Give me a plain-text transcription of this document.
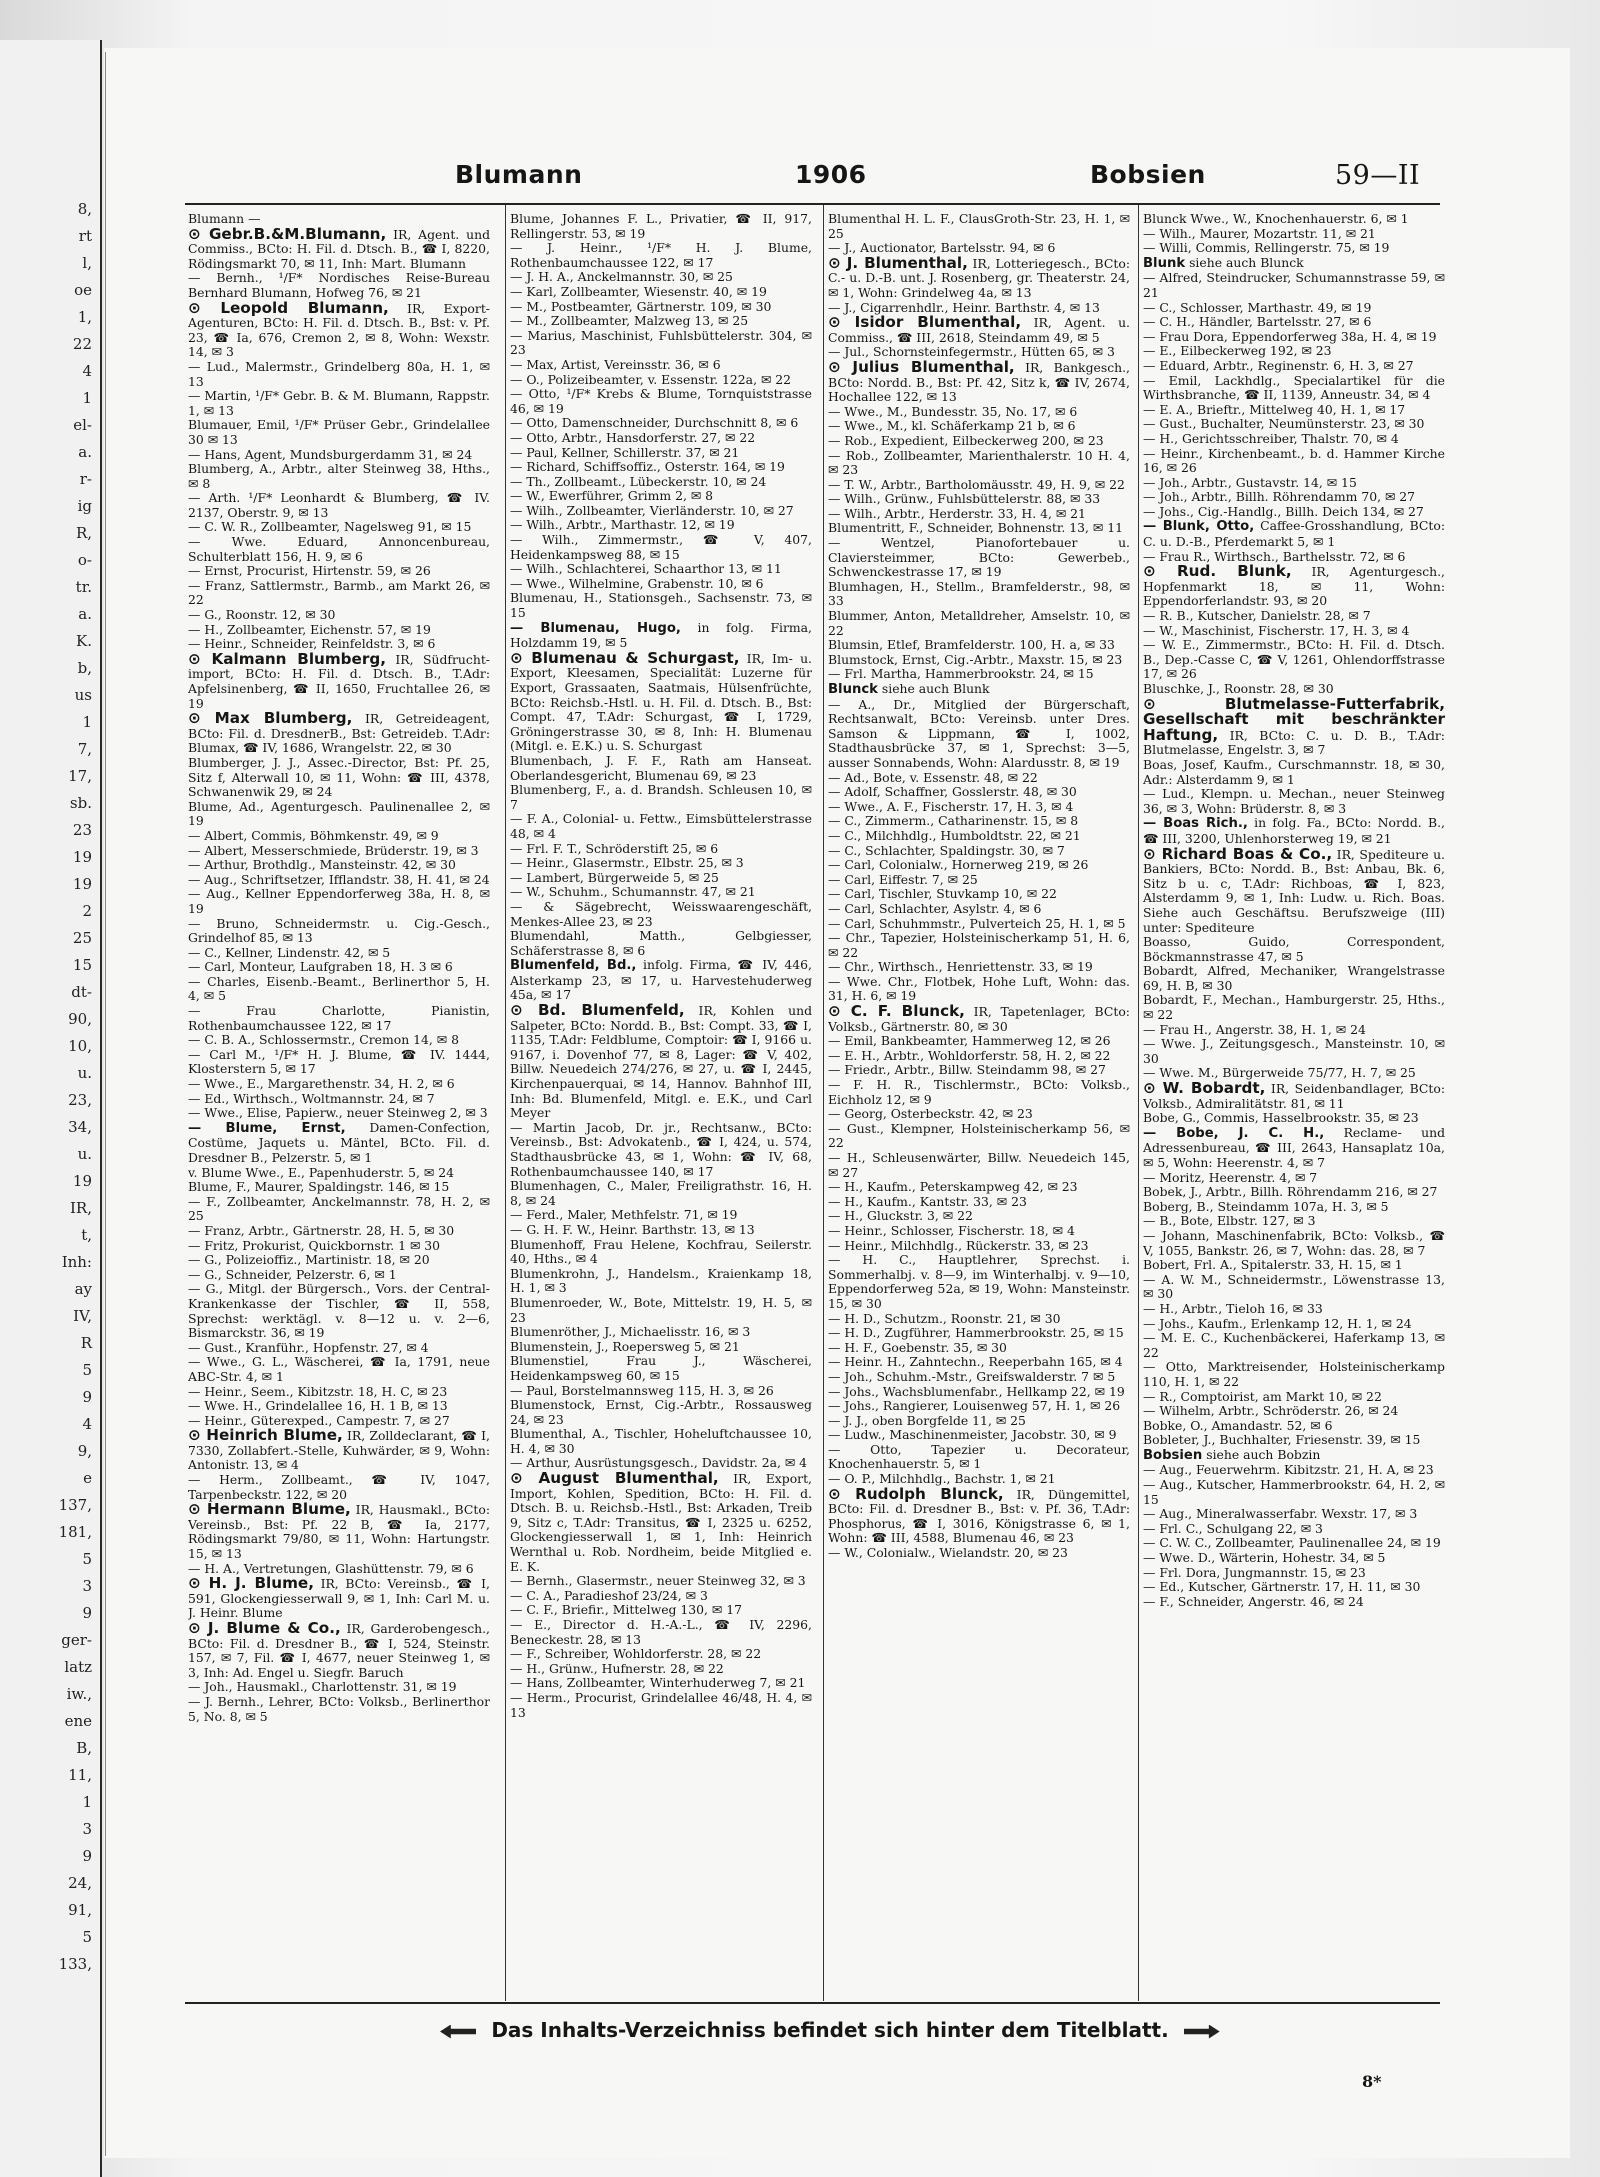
8,
rt
l,
oe
1,
22
4
1
el-
a.
r-
ig
R,
o-
tr.
a.
K.
b,
us
1
7,
17,
sb.
23
19
19
2
25
15
dt-
90,
10,
u.
23,
34,
u.
19
IR,
t,
Inh:
ay
IV,
R
5
9
4
9,
e
137,
181,
5
3
9
ger-
latz
iw.,
ene
B,
11,
1
3
9
24,
91,
5
133,
Blumann	1906	Bobsien	59—II

Blumann —

⊙ Gebr.B.&M.Blumann, IR, Agent. und Commiss., BCto: H. Fil. d. Dtsch. B., ☎ I, 8220, Rödingsmarkt 70, ✉ 11, Inh: Mart. Blumann

— Bernh., ¹/F* Nordisches Reise-Bureau Bernhard Blumann, Hofweg 76, ✉ 21

⊙ Leopold Blumann, IR, Export-Agenturen, BCto: H. Fil. d. Dtsch. B., Bst: v. Pf. 23, ☎ Ia, 676, Cremon 2, ✉ 8, Wohn: Wexstr. 14, ✉ 3

— Lud., Malermstr., Grindelberg 80a, H. 1, ✉ 13

— Martin, ¹/F* Gebr. B. & M. Blumann, Rappstr. 1, ✉ 13

Blumauer, Emil, ¹/F* Prüser Gebr., Grindelallee 30 ✉ 13

— Hans, Agent, Mundsburgerdamm 31, ✉ 24

Blumberg, A., Arbtr., alter Steinweg 38, Hths., ✉ 8

— Arth. ¹/F* Leonhardt & Blumberg, ☎ IV. 2137, Oberstr. 9, ✉ 13

— C. W. R., Zollbeamter, Nagelsweg 91, ✉ 15

— Wwe. Eduard, Annoncenbureau, Schulterblatt 156, H. 9, ✉ 6

— Ernst, Procurist, Hirtenstr. 59, ✉ 26

— Franz, Sattlermstr., Barmb., am Markt 26, ✉ 22

— G., Roonstr. 12, ✉ 30

— H., Zollbeamter, Eichenstr. 57, ✉ 19

— Heinr., Schneider, Reinfeldstr. 3, ✉ 6

⊙ Kalmann Blumberg, IR, Südfrucht-import, BCto: H. Fil. d. Dtsch. B., T.Adr: Apfelsinenberg, ☎ II, 1650, Fruchtallee 26, ✉ 19

⊙ Max Blumberg, IR, Getreideagent, BCto: Fil. d. DresdnerB., Bst: Getreideb. T.Adr: Blumax, ☎ IV, 1686, Wrangelstr. 22, ✉ 30

Blumberger, J. J., Assec.-Director, Bst: Pf. 25, Sitz f, Alterwall 10, ✉ 11, Wohn: ☎ III, 4378, Schwanenwik 29, ✉ 24

Blume, Ad., Agenturgesch. Paulinenallee 2, ✉ 19

— Albert, Commis, Böhmkenstr. 49, ✉ 9

— Albert, Messerschmiede, Brüderstr. 19, ✉ 3

— Arthur, Brothdlg., Mansteinstr. 42, ✉ 30

— Aug., Schriftsetzer, Ifflandstr. 38, H. 41, ✉ 24

— Aug., Kellner Eppendorferweg 38a, H. 8, ✉ 19

— Bruno, Schneidermstr. u. Cig.-Gesch., Grindelhof 85, ✉ 13

— C., Kellner, Lindenstr. 42, ✉ 5

— Carl, Monteur, Laufgraben 18, H. 3 ✉ 6

— Charles, Eisenb.-Beamt., Berlinerthor 5, H. 4, ✉ 5

— Frau Charlotte, Pianistin, Rothenbaumchaussee 122, ✉ 17

— C. B. A., Schlossermstr., Cremon 14, ✉ 8

— Carl M., ¹/F* H. J. Blume, ☎ IV. 1444, Klosterstern 5, ✉ 17

— Wwe., E., Margarethenstr. 34, H. 2, ✉ 6

— Ed., Wirthsch., Woltmannstr. 24, ✉ 7

— Wwe., Elise, Papierw., neuer Steinweg 2, ✉ 3

— Blume, Ernst, Damen-Confection, Costüme, Jaquets u. Mäntel, BCto. Fil. d. Dresdner B., Pelzerstr. 5, ✉ 1

v. Blume Wwe., E., Papenhuderstr. 5, ✉ 24

Blume, F., Maurer, Spaldingstr. 146, ✉ 15

— F., Zollbeamter, Anckelmannstr. 78, H. 2, ✉ 25

— Franz, Arbtr., Gärtnerstr. 28, H. 5, ✉ 30

— Fritz, Prokurist, Quickbornstr. 1 ✉ 30

— G., Polizeioffiz., Martinistr. 18, ✉ 20

— G., Schneider, Pelzerstr. 6, ✉ 1

— G., Mitgl. der Bürgersch., Vors. der Central-Krankenkasse der Tischler, ☎ II, 558, Sprechst: werktägl. v. 8—12 u. v. 2—6, Bismarckstr. 36, ✉ 19

— Gust., Kranführ., Hopfenstr. 27, ✉ 4

— Wwe., G. L., Wäscherei, ☎ Ia, 1791, neue ABC-Str. 4, ✉ 1

— Heinr., Seem., Kibitzstr. 18, H. C, ✉ 23

— Wwe. H., Grindelallee 16, H. 1 B, ✉ 13

— Heinr., Güterexped., Campestr. 7, ✉ 27

⊙ Heinrich Blume, IR, Zolldeclarant, ☎ I, 7330, Zollabfert.-Stelle, Kuhwärder, ✉ 9, Wohn: Antonistr. 13, ✉ 4

— Herm., Zollbeamt., ☎ IV, 1047, Tarpenbeckstr. 122, ✉ 20

⊙ Hermann Blume, IR, Hausmakl., BCto: Vereinsb., Bst: Pf. 22 B, ☎ Ia, 2177, Rödingsmarkt 79/80, ✉ 11, Wohn: Hartungstr. 15, ✉ 13

— H. A., Vertretungen, Glashüttenstr. 79, ✉ 6

⊙ H. J. Blume, IR, BCto: Vereinsb., ☎ I, 591, Glockengiesserwall 9, ✉ 1, Inh: Carl M. u. J. Heinr. Blume

⊙ J. Blume & Co., IR, Garderobengesch., BCto: Fil. d. Dresdner B., ☎ I, 524, Steinstr. 157, ✉ 7, Fil. ☎ I, 4677, neuer Steinweg 1, ✉ 3, Inh: Ad. Engel u. Siegfr. Baruch

— Joh., Hausmakl., Charlottenstr. 31, ✉ 19

— J. Bernh., Lehrer, BCto: Volksb., Berlinerthor 5, No. 8, ✉ 5

Blume, Johannes F. L., Privatier, ☎ II, 917, Rellingerstr. 53, ✉ 19

— J. Heinr., ¹/F* H. J. Blume, Rothenbaumchaussee 122, ✉ 17

— J. H. A., Anckelmannstr. 30, ✉ 25

— Karl, Zollbeamter, Wiesenstr. 40, ✉ 19

— M., Postbeamter, Gärtnerstr. 109, ✉ 30

— M., Zollbeamter, Malzweg 13, ✉ 25

— Marius, Maschinist, Fuhlsbüttelerstr. 304, ✉ 23

— Max, Artist, Vereinsstr. 36, ✉ 6

— O., Polizeibeamter, v. Essenstr. 122a, ✉ 22

— Otto, ¹/F* Krebs & Blume, Tornquiststrasse 46, ✉ 19

— Otto, Damenschneider, Durchschnitt 8, ✉ 6

— Otto, Arbtr., Hansdorferstr. 27, ✉ 22

— Paul, Kellner, Schillerstr. 37, ✉ 21

— Richard, Schiffsoffiz., Osterstr. 164, ✉ 19

— Th., Zollbeamt., Lübeckerstr. 10, ✉ 24

— W., Ewerführer, Grimm 2, ✉ 8

— Wilh., Zollbeamter, Vierländerstr. 10, ✉ 27

— Wilh., Arbtr., Marthastr. 12, ✉ 19

— Wilh., Zimmermstr., ☎ V, 407, Heidenkampsweg 88, ✉ 15

— Wilh., Schlachterei, Schaarthor 13, ✉ 11

— Wwe., Wilhelmine, Grabenstr. 10, ✉ 6

Blumenau, H., Stationsgeh., Sachsenstr. 73, ✉ 15

— Blumenau, Hugo, in folg. Firma, Holzdamm 19, ✉ 5

⊙ Blumenau & Schurgast, IR, Im- u. Export, Kleesamen, Specialität: Luzerne für Export, Grassaaten, Saatmais, Hülsenfrüchte, BCto: Reichsb.-Hstl. u. H. Fil. d. Dtsch. B., Bst: Compt. 47, T.Adr: Schurgast, ☎ I, 1729, Gröningerstrasse 30, ✉ 8, Inh: H. Blumenau (Mitgl. e. E.K.) u. S. Schurgast

Blumenbach, J. F. F., Rath am Hanseat. Oberlandesgericht, Blumenau 69, ✉ 23

Blumenberg, F., a. d. Brandsh. Schleusen 10, ✉ 7

— F. A., Colonial- u. Fettw., Eimsbüttelerstrasse 48, ✉ 4

— Frl. F. T., Schröderstift 25, ✉ 6

— Heinr., Glasermstr., Elbstr. 25, ✉ 3

— Lambert, Bürgerweide 5, ✉ 25

— W., Schuhm., Schumannstr. 47, ✉ 21

— & Sägebrecht, Weisswaarengeschäft, Menkes-Allee 23, ✉ 23

Blumendahl, Matth., Gelbgiesser, Schäferstrasse 8, ✉ 6

Blumenfeld, Bd., infolg. Firma, ☎ IV, 446, Alsterkamp 23, ✉ 17, u. Harvestehuderweg 45a, ✉ 17

⊙ Bd. Blumenfeld, IR, Kohlen und Salpeter, BCto: Nordd. B., Bst: Compt. 33, ☎ I, 1135, T.Adr: Feldblume, Comptoir: ☎ I, 9166 u. 9167, i. Dovenhof 77, ✉ 8, Lager: ☎ V, 402, Billw. Neuedeich 274/276, ✉ 27, u. ☎ I, 2445, Kirchenpauerquai, ✉ 14, Hannov. Bahnhof III, Inh: Bd. Blumenfeld, Mitgl. e. E.K., und Carl Meyer

— Martin Jacob, Dr. jr., Rechtsanw., BCto: Vereinsb., Bst: Advokatenb., ☎ I, 424, u. 574, Stadthausbrücke 43, ✉ 1, Wohn: ☎ IV, 68, Rothenbaumchaussee 140, ✉ 17

Blumenhagen, C., Maler, Freiligrathstr. 16, H. 8, ✉ 24

— Ferd., Maler, Methfelstr. 71, ✉ 19

— G. H. F. W., Heinr. Barthstr. 13, ✉ 13

Blumenhoff, Frau Helene, Kochfrau, Seilerstr. 40, Hths., ✉ 4

Blumenkrohn, J., Handelsm., Kraienkamp 18, H. 1, ✉ 3

Blumenroeder, W., Bote, Mittelstr. 19, H. 5, ✉ 23

Blumenröther, J., Michaelisstr. 16, ✉ 3

Blumenstein, J., Roepersweg 5, ✉ 21

Blumenstiel, Frau J., Wäscherei, Heidenkampsweg 60, ✉ 15

— Paul, Borstelmannsweg 115, H. 3, ✉ 26

Blumenstock, Ernst, Cig.-Arbtr., Rossausweg 24, ✉ 23

Blumenthal, A., Tischler, Hoheluftchaussee 10, H. 4, ✉ 30

— Arthur, Ausrüstungsgesch., Davidstr. 2a, ✉ 4

⊙ August Blumenthal, IR, Export, Import, Kohlen, Spedition, BCto: H. Fil. d. Dtsch. B. u. Reichsb.-Hstl., Bst: Arkaden, Treib 9, Sitz c, T.Adr: Transitus, ☎ I, 2325 u. 6252, Glockengiesserwall 1, ✉ 1, Inh: Heinrich Wernthal u. Rob. Nordheim, beide Mitglied e. E. K.

— Bernh., Glasermstr., neuer Steinweg 32, ✉ 3

— C. A., Paradieshof 23/24, ✉ 3

— C. F., Briefir., Mittelweg 130, ✉ 17

— E., Director d. H.-A.-L., ☎ IV, 2296, Beneckestr. 28, ✉ 13

— F., Schreiber, Wohldorferstr. 28, ✉ 22

— H., Grünw., Hufnerstr. 28, ✉ 22

— Hans, Zollbeamter, Winterhuderweg 7, ✉ 21

— Herm., Procurist, Grindelallee 46/48, H. 4, ✉ 13

Blumenthal H. L. F., ClausGroth-Str. 23, H. 1, ✉ 25

— J., Auctionator, Bartelsstr. 94, ✉ 6

⊙ J. Blumenthal, IR, Lotteriegesch., BCto: C.- u. D.-B. unt. J. Rosenberg, gr. Theaterstr. 24, ✉ 1, Wohn: Grindelweg 4a, ✉ 13

— J., Cigarrenhdlr., Heinr. Barthstr. 4, ✉ 13

⊙ Isidor Blumenthal, IR, Agent. u. Commiss., ☎ III, 2618, Steindamm 49, ✉ 5

— Jul., Schornsteinfegermstr., Hütten 65, ✉ 3

⊙ Julius Blumenthal, IR, Bankgesch., BCto: Nordd. B., Bst: Pf. 42, Sitz k, ☎ IV, 2674, Hochallee 122, ✉ 13

— Wwe., M., Bundesstr. 35, No. 17, ✉ 6

— Wwe., M., kl. Schäferkamp 21 b, ✉ 6

— Rob., Expedient, Eilbeckerweg 200, ✉ 23

— Rob., Zollbeamter, Marienthalerstr. 10 H. 4, ✉ 23

— T. W., Arbtr., Bartholomäusstr. 49, H. 9, ✉ 22

— Wilh., Grünw., Fuhlsbüttelerstr. 88, ✉ 33

— Wilh., Arbtr., Herderstr. 33, H. 4, ✉ 21

Blumentritt, F., Schneider, Bohnenstr. 13, ✉ 11

— Wentzel, Pianofortebauer u. Claviersteimmer, BCto: Gewerbeb., Schwenckestrasse 17, ✉ 19

Blumhagen, H., Stellm., Bramfelderstr., 98, ✉ 33

Blummer, Anton, Metalldreher, Amselstr. 10, ✉ 22

Blumsin, Etlef, Bramfelderstr. 100, H. a, ✉ 33

Blumstock, Ernst, Cig.-Arbtr., Maxstr. 15, ✉ 23

— Frl. Martha, Hammerbrookstr. 24, ✉ 15

Blunck siehe auch Blunk

— A., Dr., Mitglied der Bürgerschaft, Rechtsanwalt, BCto: Vereinsb. unter Dres. Samson & Lippmann, ☎ I, 1002, Stadthausbrücke 37, ✉ 1, Sprechst: 3—5, ausser Sonnabends, Wohn: Alardusstr. 8, ✉ 19

— Ad., Bote, v. Essenstr. 48, ✉ 22

— Adolf, Schaffner, Gosslerstr. 48, ✉ 30

— Wwe., A. F., Fischerstr. 17, H. 3, ✉ 4

— C., Zimmerm., Catharinenstr. 15, ✉ 8

— C., Milchhdlg., Humboldtstr. 22, ✉ 21

— C., Schlachter, Spaldingstr. 30, ✉ 7

— Carl, Colonialw., Hornerweg 219, ✉ 26

— Carl, Eiffestr. 7, ✉ 25

— Carl, Tischler, Stuvkamp 10, ✉ 22

— Carl, Schlachter, Asylstr. 4, ✉ 6

— Carl, Schuhmmstr., Pulverteich 25, H. 1, ✉ 5

— Chr., Tapezier, Holsteinischerkamp 51, H. 6, ✉ 22

— Chr., Wirthsch., Henriettenstr. 33, ✉ 19

— Wwe. Chr., Flotbek, Hohe Luft, Wohn: das. 31, H. 6, ✉ 19

⊙ C. F. Blunck, IR, Tapetenlager, BCto: Volksb., Gärtnerstr. 80, ✉ 30

— Emil, Bankbeamter, Hammerweg 12, ✉ 26

— E. H., Arbtr., Wohldorferstr. 58, H. 2, ✉ 22

— Friedr., Arbtr., Billw. Steindamm 98, ✉ 27

— F. H. R., Tischlermstr., BCto: Volksb., Eichholz 12, ✉ 9

— Georg, Osterbeckstr. 42, ✉ 23

— Gust., Klempner, Holsteinischerkamp 56, ✉ 22

— H., Schleusenwärter, Billw. Neuedeich 145, ✉ 27

— H., Kaufm., Peterskampweg 42, ✉ 23

— H., Kaufm., Kantstr. 33, ✉ 23

— H., Gluckstr. 3, ✉ 22

— Heinr., Schlosser, Fischerstr. 18, ✉ 4

— Heinr., Milchhdlg., Rückerstr. 33, ✉ 23

— H. C., Hauptlehrer, Sprechst. i. Sommerhalbj. v. 8—9, im Winterhalbj. v. 9—10, Eppendorferweg 52a, ✉ 19, Wohn: Mansteinstr. 15, ✉ 30

— H. D., Schutzm., Roonstr. 21, ✉ 30

— H. D., Zugführer, Hammerbrookstr. 25, ✉ 15

— H. F., Goebenstr. 35, ✉ 30

— Heinr. H., Zahntechn., Reeperbahn 165, ✉ 4

— Joh., Schuhm.-Mstr., Greifswalderstr. 7 ✉ 5

— Johs., Wachsblumenfabr., Hellkamp 22, ✉ 19

— Johs., Rangierer, Louisenweg 57, H. 1, ✉ 26

— J. J., oben Borgfelde 11, ✉ 25

— Ludw., Maschinenmeister, Jacobstr. 30, ✉ 9

— Otto, Tapezier u. Decorateur, Knochenhauerstr. 5, ✉ 1

— O. P., Milchhdlg., Bachstr. 1, ✉ 21

⊙ Rudolph Blunck, IR, Düngemittel, BCto: Fil. d. Dresdner B., Bst: v. Pf. 36, T.Adr: Phosphorus, ☎ I, 3016, Königstrasse 6, ✉ 1, Wohn: ☎ III, 4588, Blumenau 46, ✉ 23

— W., Colonialw., Wielandstr. 20, ✉ 23

Blunck Wwe., W., Knochenhauerstr. 6, ✉ 1

— Wilh., Maurer, Mozartstr. 11, ✉ 21

— Willi, Commis, Rellingerstr. 75, ✉ 19

Blunk siehe auch Blunck

— Alfred, Steindrucker, Schumannstrasse 59, ✉ 21

— C., Schlosser, Marthastr. 49, ✉ 19

— C. H., Händler, Bartelsstr. 27, ✉ 6

— Frau Dora, Eppendorferweg 38a, H. 4, ✉ 19

— E., Eilbeckerweg 192, ✉ 23

— Eduard, Arbtr., Reginenstr. 6, H. 3, ✉ 27

— Emil, Lackhdlg., Specialartikel für die Wirthsbranche, ☎ II, 1139, Anneustr. 34, ✉ 4

— E. A., Brieftr., Mittelweg 40, H. 1, ✉ 17

— Gust., Buchalter, Neumünsterstr. 23, ✉ 30

— H., Gerichtsschreiber, Thalstr. 70, ✉ 4

— Heinr., Kirchenbeamt., b. d. Hammer Kirche 16, ✉ 26

— Joh., Arbtr., Gustavstr. 14, ✉ 15

— Joh., Arbtr., Billh. Röhrendamm 70, ✉ 27

— Johs., Cig.-Handlg., Billh. Deich 134, ✉ 27

— Blunk, Otto, Caffee-Grosshandlung, BCto: C. u. D.-B., Pferdemarkt 5, ✉ 1

— Frau R., Wirthsch., Barthelsstr. 72, ✉ 6

⊙ Rud. Blunk, IR, Agenturgesch., Hopfenmarkt 18, ✉ 11, Wohn: Eppendorferlandstr. 93, ✉ 20

— R. B., Kutscher, Danielstr. 28, ✉ 7

— W., Maschinist, Fischerstr. 17, H. 3, ✉ 4

— W. E., Zimmermstr., BCto: H. Fil. d. Dtsch. B., Dep.-Casse C, ☎ V, 1261, Ohlendorffstrasse 17, ✉ 26

Bluschke, J., Roonstr. 28, ✉ 30

⊙ Blutmelasse-Futterfabrik, Gesellschaft mit beschränkter Haftung, IR, BCto: C. u. D. B., T.Adr: Blutmelasse, Engelstr. 3, ✉ 7

Boas, Josef, Kaufm., Curschmannstr. 18, ✉ 30, Adr.: Alsterdamm 9, ✉ 1

— Lud., Klempn. u. Mechan., neuer Steinweg 36, ✉ 3, Wohn: Brüderstr. 8, ✉ 3

— Boas Rich., in folg. Fa., BCto: Nordd. B., ☎ III, 3200, Uhlenhorsterweg 19, ✉ 21

⊙ Richard Boas & Co., IR, Spediteure u. Bankiers, BCto: Nordd. B., Bst: Anbau, Bk. 6, Sitz b u. c, T.Adr: Richboas, ☎ I, 823, Alsterdamm 9, ✉ 1, Inh: Ludw. u. Rich. Boas. Siehe auch Geschäftsu. Berufszweige (III) unter: Spediteure

Boasso, Guido, Correspondent, Böckmannstrasse 47, ✉ 5

Bobardt, Alfred, Mechaniker, Wrangelstrasse 69, H. B, ✉ 30

Bobardt, F., Mechan., Hamburgerstr. 25, Hths., ✉ 22

— Frau H., Angerstr. 38, H. 1, ✉ 24

— Wwe. J., Zeitungsgesch., Mansteinstr. 10, ✉ 30

— Wwe. M., Bürgerweide 75/77, H. 7, ✉ 25

⊙ W. Bobardt, IR, Seidenbandlager, BCto: Volksb., Admiralitätstr. 81, ✉ 11

Bobe, G., Commis, Hasselbrookstr. 35, ✉ 23

— Bobe, J. C. H., Reclame- und Adressenbureau, ☎ III, 2643, Hansaplatz 10a, ✉ 5, Wohn: Heerenstr. 4, ✉ 7

— Moritz, Heerenstr. 4, ✉ 7

Bobek, J., Arbtr., Billh. Röhrendamm 216, ✉ 27

Boberg, B., Steindamm 107a, H. 3, ✉ 5

— B., Bote, Elbstr. 127, ✉ 3

— Johann, Maschinenfabrik, BCto: Volksb., ☎ V, 1055, Bankstr. 26, ✉ 7, Wohn: das. 28, ✉ 7

Bobert, Frl. A., Spitalerstr. 33, H. 15, ✉ 1

— A. W. M., Schneidermstr., Löwenstrasse 13, ✉ 30

— H., Arbtr., Tieloh 16, ✉ 33

— Johs., Kaufm., Erlenkamp 12, H. 1, ✉ 24

— M. E. C., Kuchenbäckerei, Haferkamp 13, ✉ 22

— Otto, Marktreisender, Holsteinischerkamp 110, H. 1, ✉ 22

— R., Comptoirist, am Markt 10, ✉ 22

— Wilhelm, Arbtr., Schröderstr. 26, ✉ 24

Bobke, O., Amandastr. 52, ✉ 6

Bobleter, J., Buchhalter, Friesenstr. 39, ✉ 15

Bobsien siehe auch Bobzin

— Aug., Feuerwehrm. Kibitzstr. 21, H. A, ✉ 23

— Aug., Kutscher, Hammerbrookstr. 64, H. 2, ✉ 15

— Aug., Mineralwasserfabr. Wexstr. 17, ✉ 3

— Frl. C., Schulgang 22, ✉ 3

— C. W. C., Zollbeamter, Paulinenallee 24, ✉ 19

— Wwe. D., Wärterin, Hohestr. 34, ✉ 5

— Frl. Dora, Jungmannstr. 15, ✉ 23

— Ed., Kutscher, Gärtnerstr. 17, H. 11, ✉ 30

— F., Schneider, Angerstr. 46, ✉ 24

Das Inhalts-Verzeichniss befindet sich hinter dem Titelblatt.
8*
